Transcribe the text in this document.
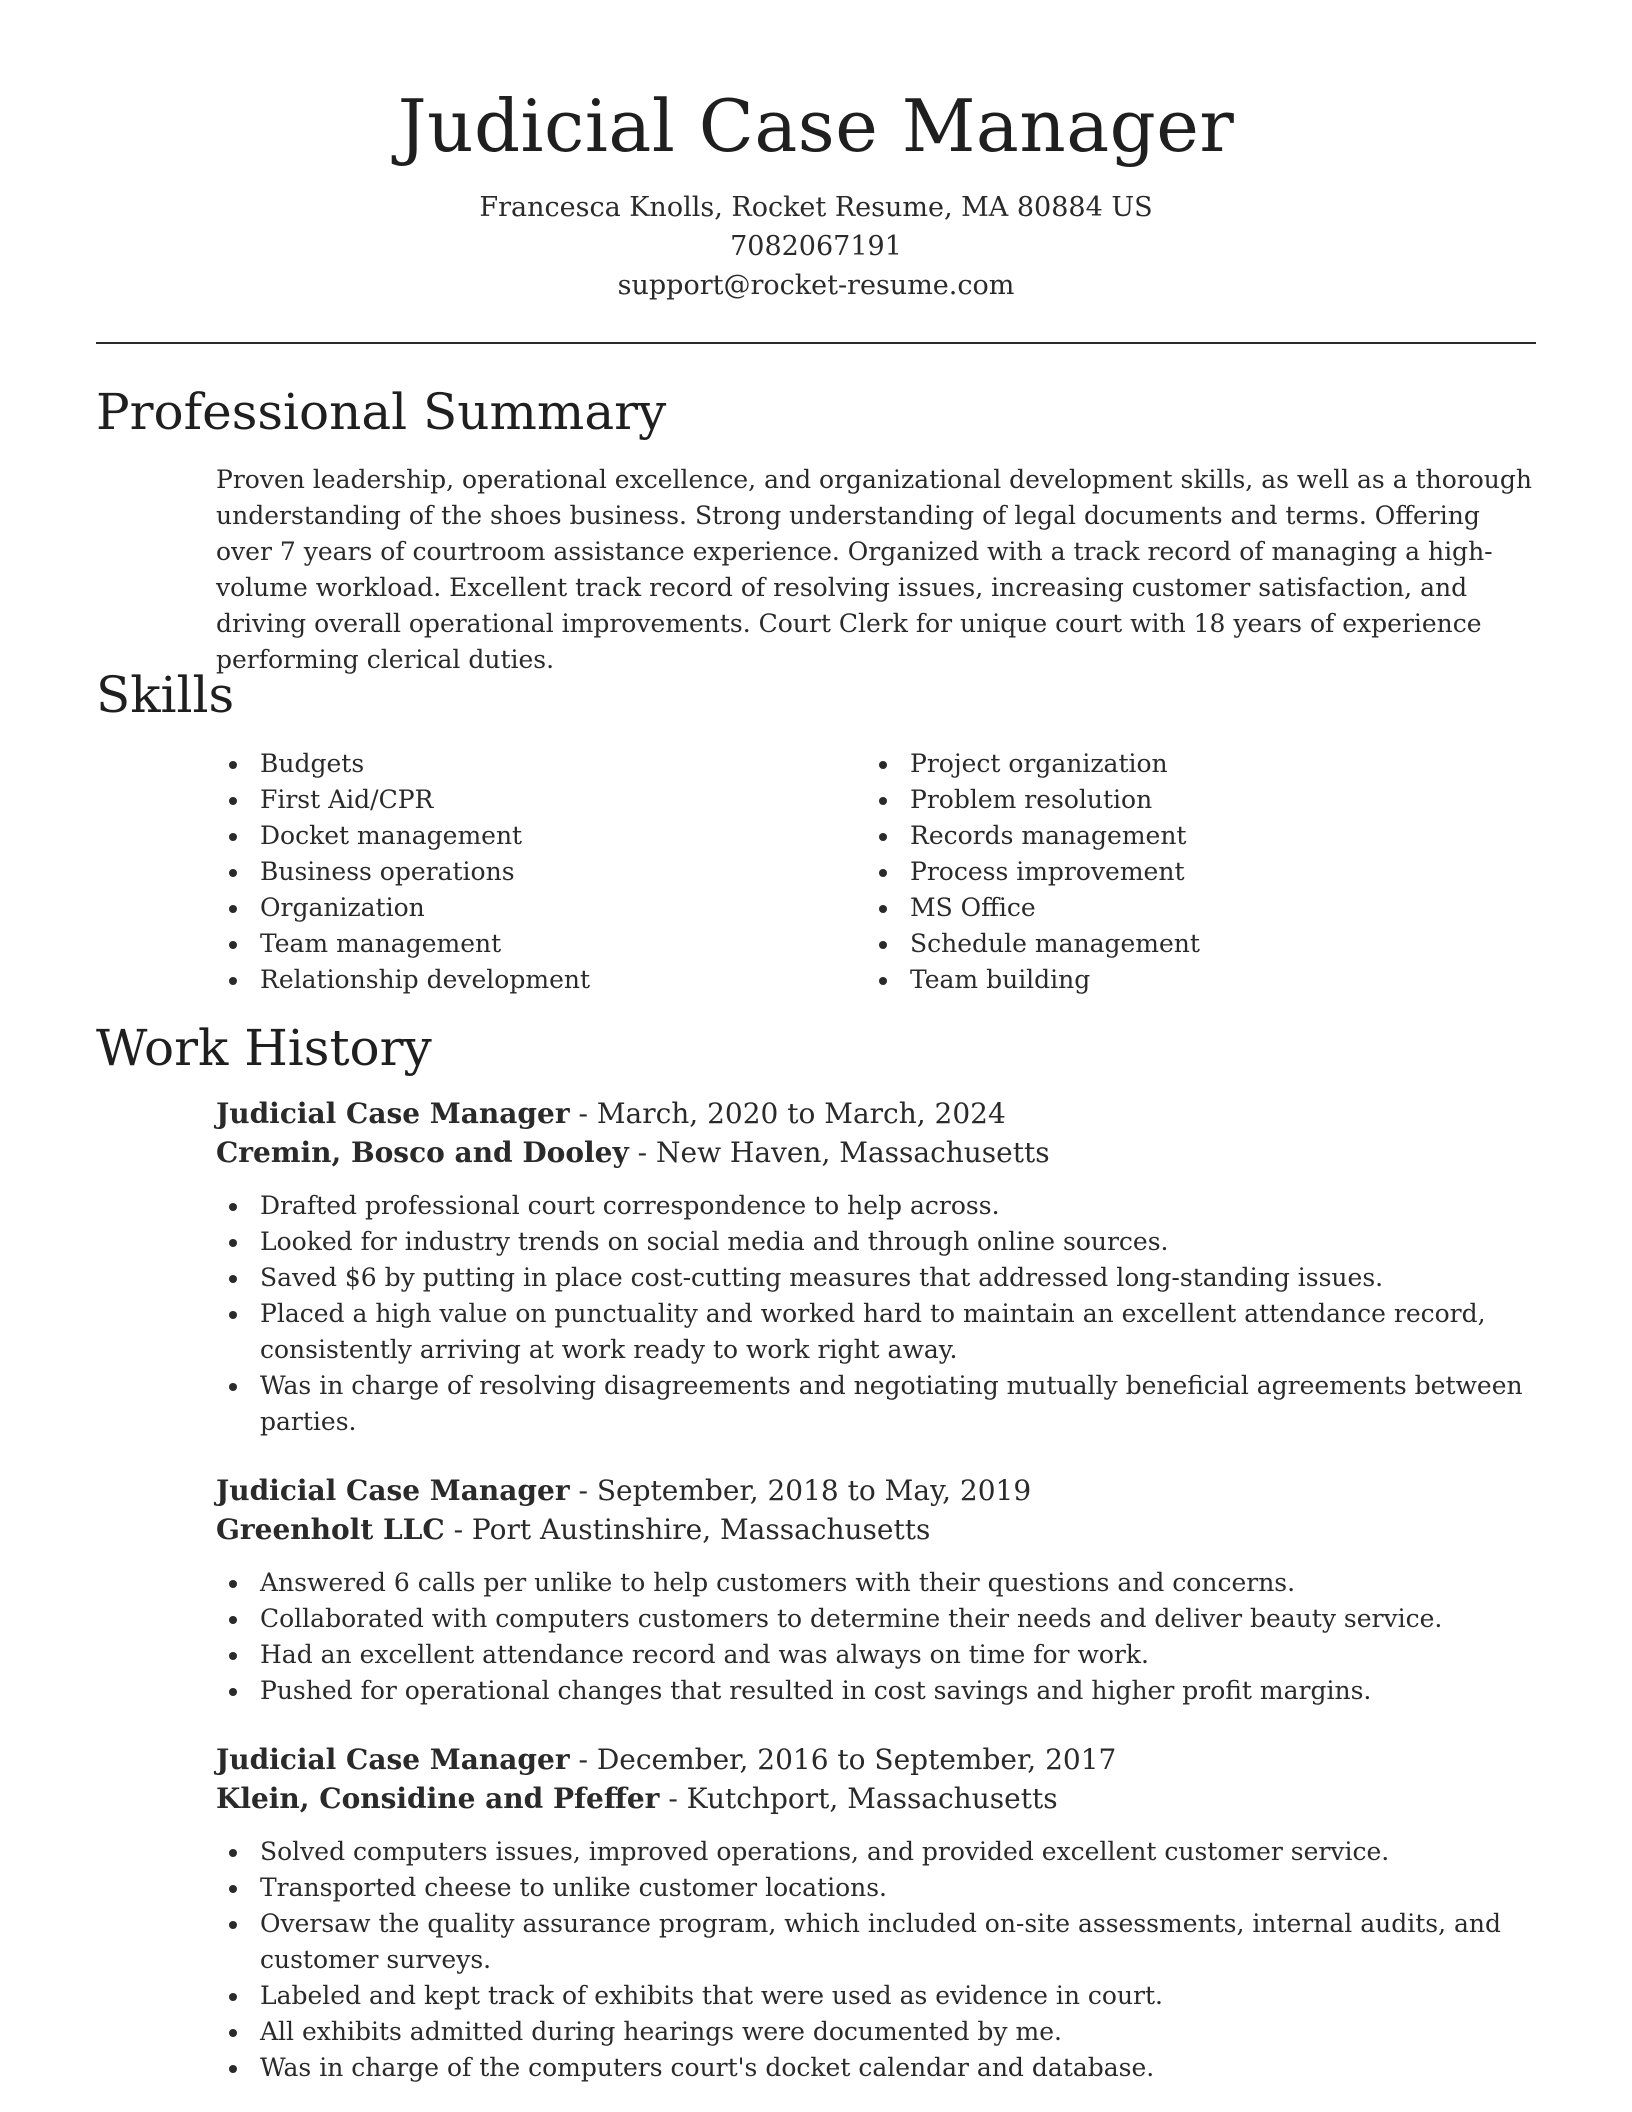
Judicial Case Manager

Francesca Knolls, Rocket Resume, MA 80884 US

7082067191

support@rocket-resume.com

Professional Summary

Proven leadership, operational excellence, and organizational development skills, as well as a thorough understanding of the shoes business. Strong understanding of legal documents and terms. Offering over 7 years of courtroom assistance experience. Organized with a track record of managing a high-volume workload. Excellent track record of resolving issues, increasing customer satisfaction, and driving overall operational improvements. Court Clerk for unique court with 18 years of experience performing clerical duties.

Skills
Budgets
First Aid/CPR
Docket management
Business operations
Organization
Team management
Relationship development
Project organization
Problem resolution
Records management
Process improvement
MS Office
Schedule management
Team building
Work History

Judicial Case Manager - March, 2020 to March, 2024

Cremin, Bosco and Dooley - New Haven, Massachusetts

Drafted professional court correspondence to help across.
Looked for industry trends on social media and through online sources.
Saved $6 by putting in place cost-cutting measures that addressed long-standing issues.
Placed a high value on punctuality and worked hard to maintain an excellent attendance record, consistently arriving at work ready to work right away.
Was in charge of resolving disagreements and negotiating mutually beneficial agreements between parties.

Judicial Case Manager - September, 2018 to May, 2019

Greenholt LLC - Port Austinshire, Massachusetts

Answered 6 calls per unlike to help customers with their questions and concerns.
Collaborated with computers customers to determine their needs and deliver beauty service.
Had an excellent attendance record and was always on time for work.
Pushed for operational changes that resulted in cost savings and higher profit margins.

Judicial Case Manager - December, 2016 to September, 2017

Klein, Considine and Pfeffer - Kutchport, Massachusetts

Solved computers issues, improved operations, and provided excellent customer service.
Transported cheese to unlike customer locations.
Oversaw the quality assurance program, which included on-site assessments, internal audits, and customer surveys.
Labeled and kept track of exhibits that were used as evidence in court.
All exhibits admitted during hearings were documented by me.
Was in charge of the computers court's docket calendar and database.
